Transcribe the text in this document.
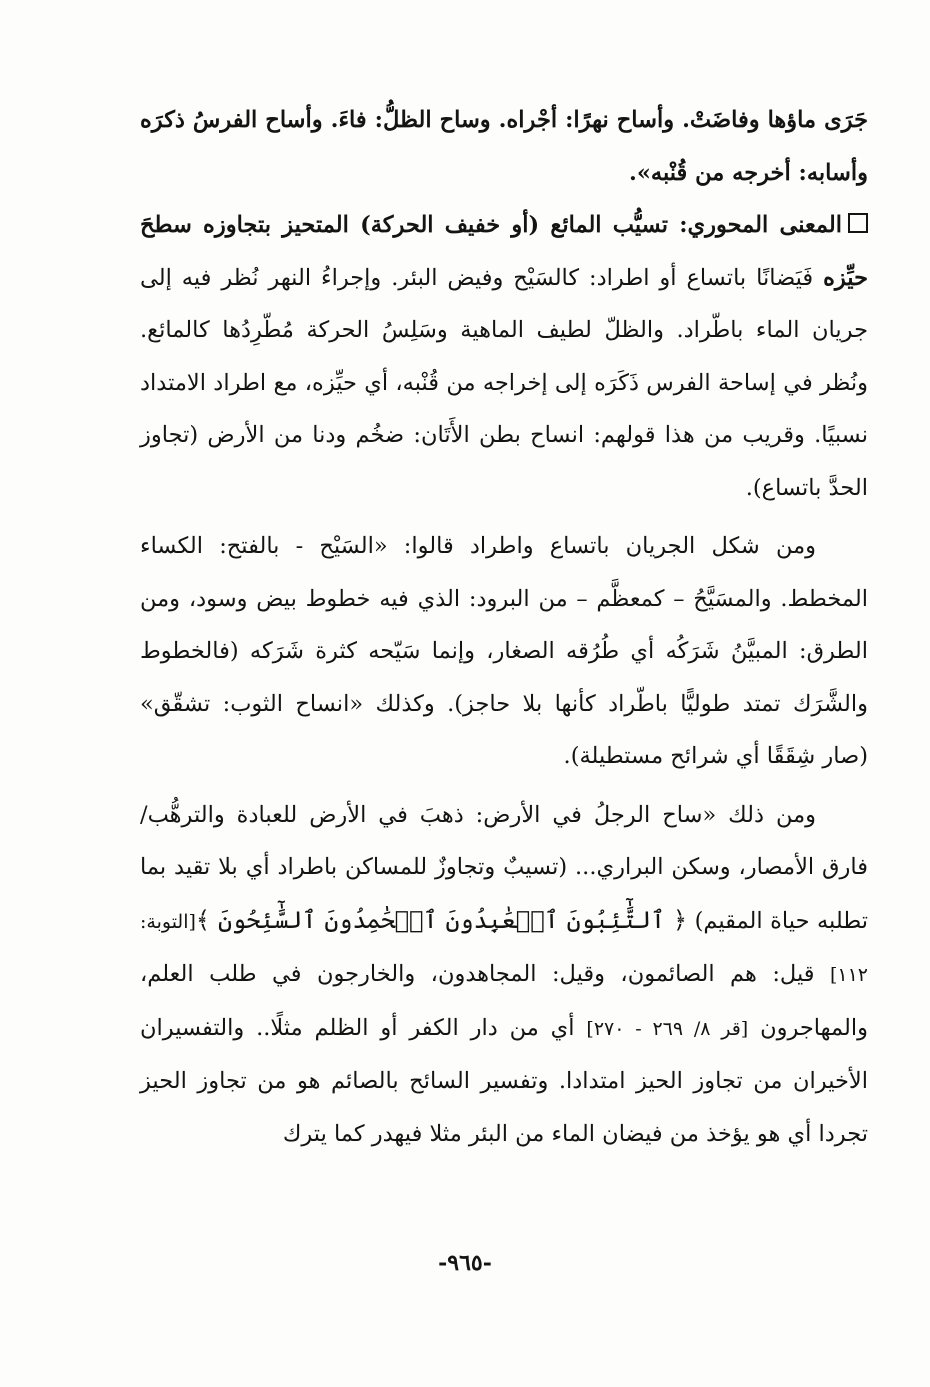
جَرَى ماؤها وفاضَتْ. وأساح نهرًا: أجْراه. وساح الظلُّ: فاءَ. وأساح الفرسُ ذكرَه وأسابه: أخرجه من قُنْبه».

المعنى المحوري: تسيُّب المائع (أو خفيف الحركة) المتحيز بتجاوزه سطحَ حيِّزه فَيَضانًا باتساع أو اطراد: كالسَيْح وفيض البئر. وإجراءُ النهر نُظر فيه إلى جريان الماء باطّراد. والظلّ لطيف الماهية وسَلِسُ الحركة مُطّرِدُها كالمائع. ونُظر في إساحة الفرس ذَكَرَه إلى إخراجه من قُنْبه، أي حيِّزه، مع اطراد الامتداد نسبيًا. وقريب من هذا قولهم: انساح بطن الأَتَان: ضخُم ودنا من الأرض (تجاوز الحدَّ باتساع).

ومن شكل الجريان باتساع واطراد قالوا: «السَيْح - بالفتح: الكساء المخطط. والمسَيَّحُ – كمعظَّم – من البرود: الذي فيه خطوط بيض وسود، ومن الطرق: المبيَّنُ شَرَكُه أي طُرُقه الصغار، وإنما سَيّحه كثرة شَرَكه (فالخطوط والشَّرَك تمتد طوليًّا باطّراد كأنها بلا حاجز). وكذلك «انساح الثوب: تشقّق» (صار شِقَقًا أي شرائح مستطيلة).

ومن ذلك «ساح الرجلُ في الأرض: ذهبَ في الأرض للعبادة والترهُّب/ فارق الأمصار، وسكن البراري... (تسيبٌ وتجاوزٌ للمساكن باطراد أي بلا تقيد بما تطلبه حياة المقيم) ﴿ ٱلتَّٰٓئِبُونَ ٱلۡعَٰبِدُونَ ٱلۡحَٰمِدُونَ ٱلسَّٰٓئِحُونَ ﴾[التوبة: ١١٢] قيل: هم الصائمون، وقيل: المجاهدون، والخارجون في طلب العلم، والمهاجرون [قر ٨/ ٢٦٩ - ٢٧٠] أي من دار الكفر أو الظلم مثلًا.. والتفسيران الأخيران من تجاوز الحيز امتدادا. وتفسير السائح بالصائم هو من تجاوز الحيز تجردا أي هو يؤخذ من فيضان الماء من البئر مثلا فيهدر كما يترك

-٩٦٥-
